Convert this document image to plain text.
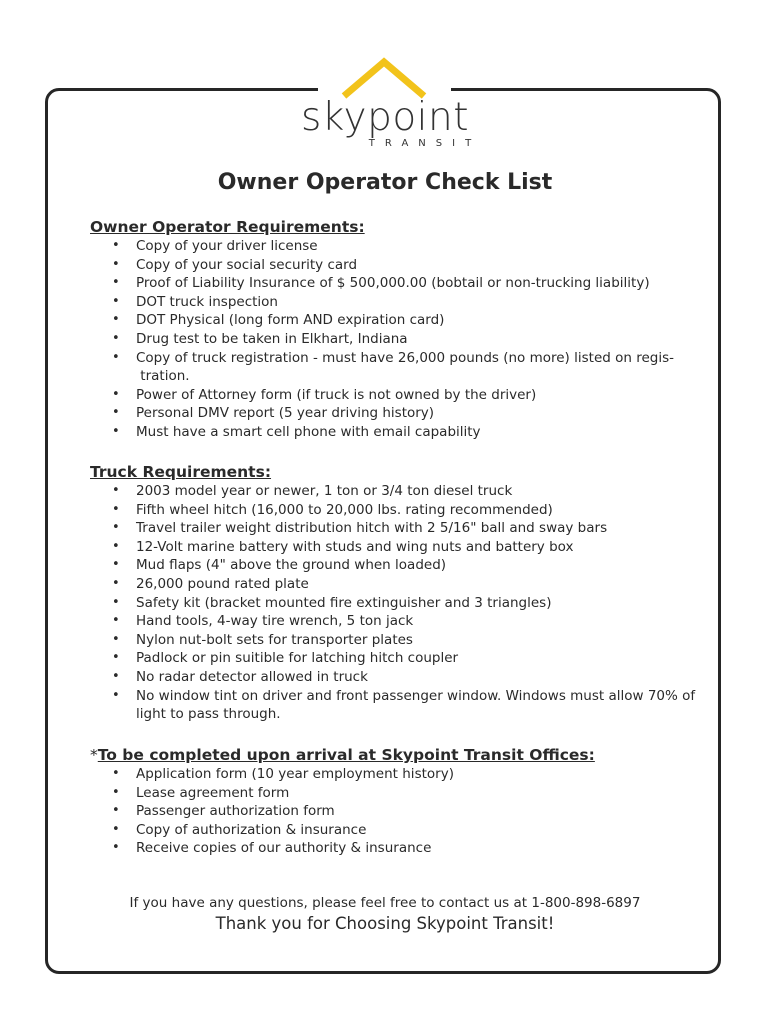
skypoint
TRANSIT
Owner Operator Check List
Owner Operator Requirements:
• Copy of your driver license
• Copy of your social security card
• Proof of Liability Insurance of $ 500,000.00 (bobtail or non-trucking liability)
• DOT truck inspection
• DOT Physical (long form AND expiration card)
• Drug test to be taken in Elkhart, Indiana
• Copy of truck registration - must have 26,000 pounds (no more) listed on regis- tration.
• Power of Attorney form (if truck is not owned by the driver)
• Personal DMV report (5 year driving history)
• Must have a smart cell phone with email capability
Truck Requirements:
• 2003 model year or newer, 1 ton or 3/4 ton diesel truck
• Fifth wheel hitch (16,000 to 20,000 lbs. rating recommended)
• Travel trailer weight distribution hitch with 2 5/16" ball and sway bars
• 12-Volt marine battery with studs and wing nuts and battery box
• Mud flaps (4" above the ground when loaded)
• 26,000 pound rated plate
• Safety kit (bracket mounted fire extinguisher and 3 triangles)
• Hand tools, 4-way tire wrench, 5 ton jack
• Nylon nut-bolt sets for transporter plates
• Padlock or pin suitible for latching hitch coupler
• No radar detector allowed in truck
• No window tint on driver and front passenger window. Windows must allow 70% of light to pass through.
*To be completed upon arrival at Skypoint Transit Offices:
• Application form (10 year employment history)
• Lease agreement form
• Passenger authorization form
• Copy of authorization & insurance
• Receive copies of our authority & insurance
If you have any questions, please feel free to contact us at 1-800-898-6897
Thank you for Choosing Skypoint Transit!
